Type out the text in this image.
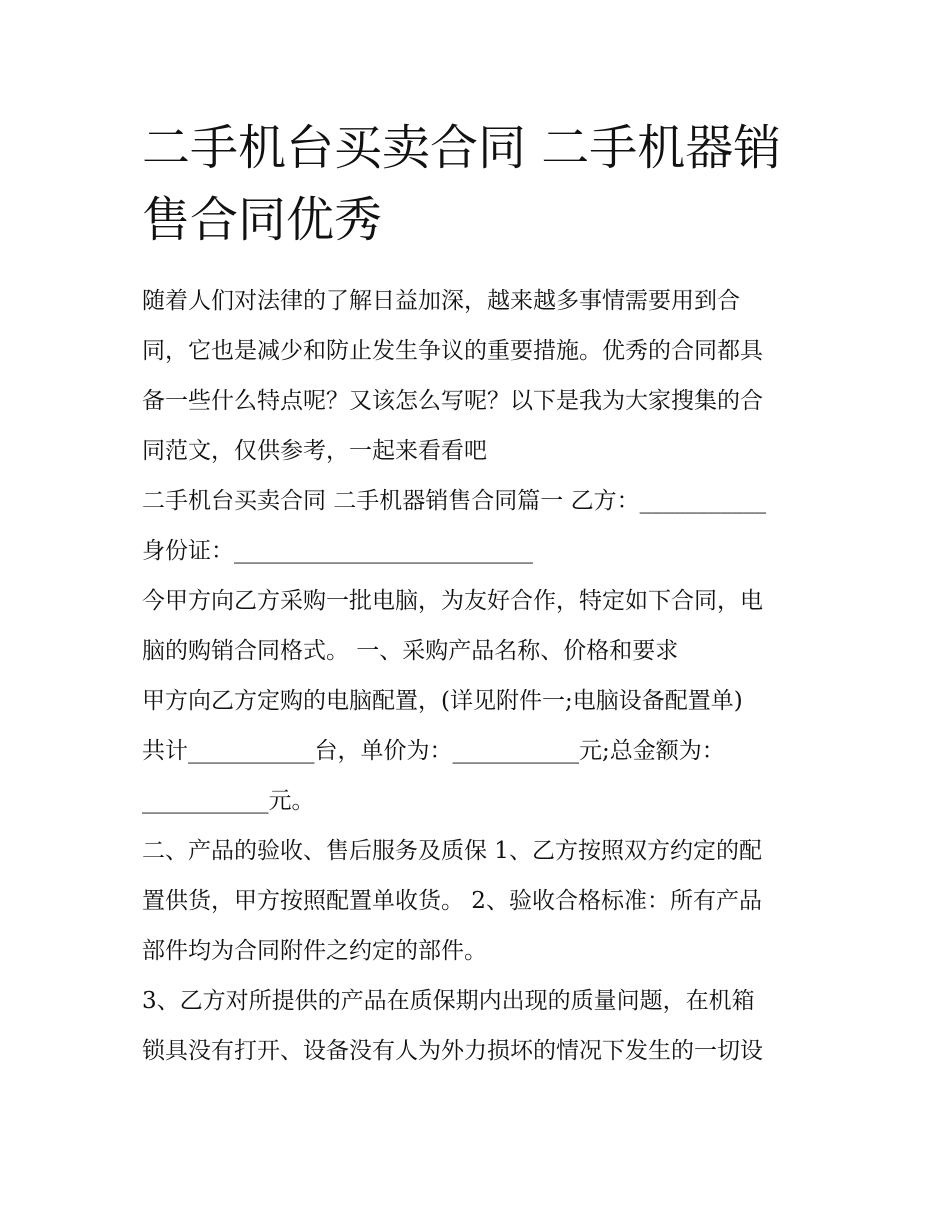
二手机台买卖合同 二手机器销
售合同优秀
随着人们对法律的了解日益加深，越来越多事情需要用到合
同，它也是减少和防止发生争议的重要措施。优秀的合同都具
备一些什么特点呢？又该怎么写呢？以下是我为大家搜集的合
同范文，仅供参考，一起来看看吧
二手机台买卖合同 二手机器销售合同篇一 乙方：___________
身份证：__________________________
今甲方向乙方采购一批电脑，为友好合作，特定如下合同，电
脑的购销合同格式。 一、采购产品名称、价格和要求
甲方向乙方定购的电脑配置，(详见附件一;电脑设备配置单)
共计___________台，单价为：___________元;总金额为：
___________元。
二、产品的验收、售后服务及质保 1、乙方按照双方约定的配
置供货，甲方按照配置单收货。 2、验收合格标准：所有产品
部件均为合同附件之约定的部件。
3、乙方对所提供的产品在质保期内出现的质量问题，在机箱
锁具没有打开、设备没有人为外力损坏的情况下发生的一切设
